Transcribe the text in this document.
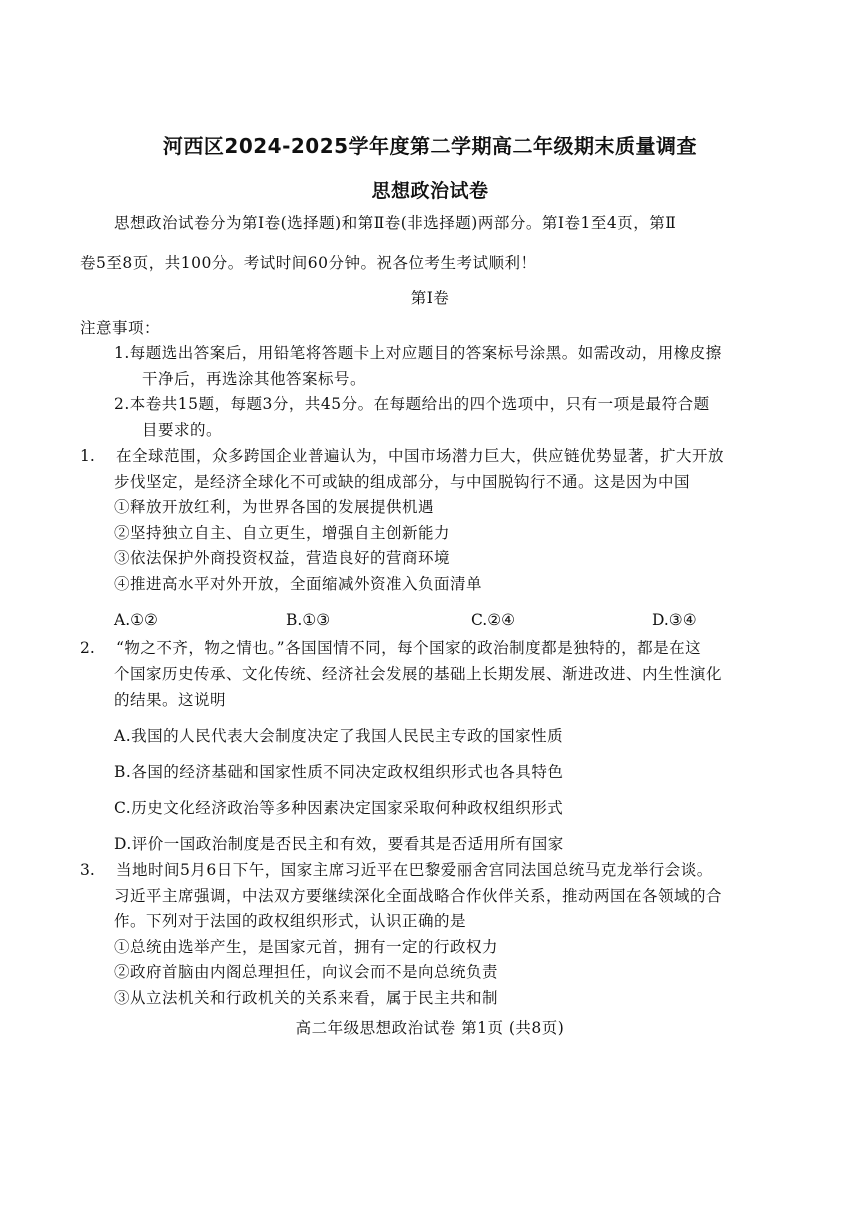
河西区2024-2025学年度第二学期高二年级期末质量调查
思想政治试卷
思想政治试卷分为第Ⅰ卷(选择题)和第Ⅱ卷(非选择题)两部分。第Ⅰ卷1至4页，第Ⅱ
卷5至8页，共100分。考试时间60分钟。祝各位考生考试顺利！
第Ⅰ卷
注意事项：
1.每题选出答案后，用铅笔将答题卡上对应题目的答案标号涂黑。如需改动，用橡皮擦
干净后，再选涂其他答案标号。
2.本卷共15题，每题3分，共45分。在每题给出的四个选项中，只有一项是最符合题
目要求的。
1. 在全球范围，众多跨国企业普遍认为，中国市场潜力巨大，供应链优势显著，扩大开放
步伐坚定，是经济全球化不可或缺的组成部分，与中国脱钩行不通。这是因为中国
①释放开放红利，为世界各国的发展提供机遇
②坚持独立自主、自立更生，增强自主创新能力
③依法保护外商投资权益，营造良好的营商环境
④推进高水平对外开放，全面缩减外资准入负面清单
A.①②	B.①③	C.②④	D.③④
2. “物之不齐，物之情也。”各国国情不同，每个国家的政治制度都是独特的，都是在这
个国家历史传承、文化传统、经济社会发展的基础上长期发展、渐进改进、内生性演化
的结果。这说明
A.我国的人民代表大会制度决定了我国人民民主专政的国家性质
B.各国的经济基础和国家性质不同决定政权组织形式也各具特色
C.历史文化经济政治等多种因素决定国家采取何种政权组织形式
D.评价一国政治制度是否民主和有效，要看其是否适用所有国家
3. 当地时间5月6日下午，国家主席习近平在巴黎爱丽舍宫同法国总统马克龙举行会谈。
习近平主席强调，中法双方要继续深化全面战略合作伙伴关系，推动两国在各领域的合
作。下列对于法国的政权组织形式，认识正确的是
①总统由选举产生，是国家元首，拥有一定的行政权力
②政府首脑由内阁总理担任，向议会而不是向总统负责
③从立法机关和行政机关的关系来看，属于民主共和制
高二年级思想政治试卷 第1页 (共8页)
